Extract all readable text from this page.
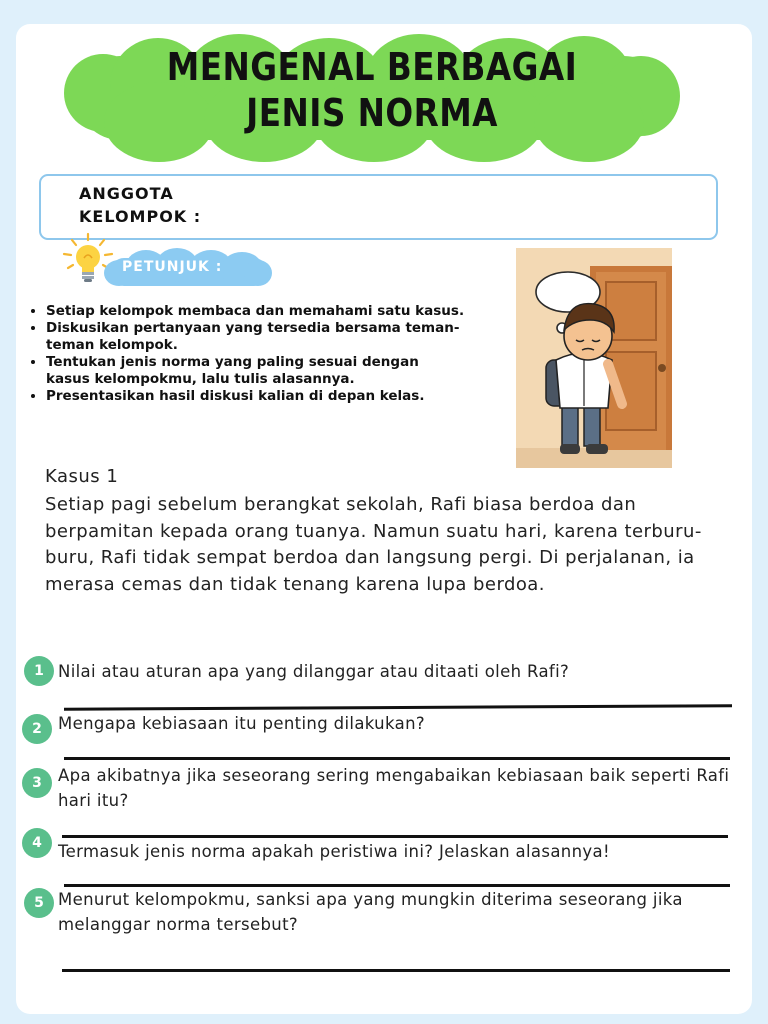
MENGENAL BERBAGAI
JENIS NORMA
ANGGOTA
KELOMPOK :
PETUNJUK :
• Setiap kelompok membaca dan memahami satu kasus.
• Diskusikan pertanyaan yang tersedia bersama teman-teman kelompok.
• Tentukan jenis norma yang paling sesuai dengan kasus kelompokmu, lalu tulis alasannya.
• Presentasikan hasil diskusi kalian di depan kelas.
Kasus 1
Setiap pagi sebelum berangkat sekolah, Rafi biasa berdoa dan berpamitan kepada orang tuanya. Namun suatu hari, karena terburu-buru, Rafi tidak sempat berdoa dan langsung pergi. Di perjalanan, ia merasa cemas dan tidak tenang karena lupa berdoa.
1 Nilai atau aturan apa yang dilanggar atau ditaati oleh Rafi?
2 Mengapa kebiasaan itu penting dilakukan?
3 Apa akibatnya jika seseorang sering mengabaikan kebiasaan baik seperti Rafi hari itu?
4 Termasuk jenis norma apakah peristiwa ini? Jelaskan alasannya!
5 Menurut kelompokmu, sanksi apa yang mungkin diterima seseorang jika melanggar norma tersebut?
